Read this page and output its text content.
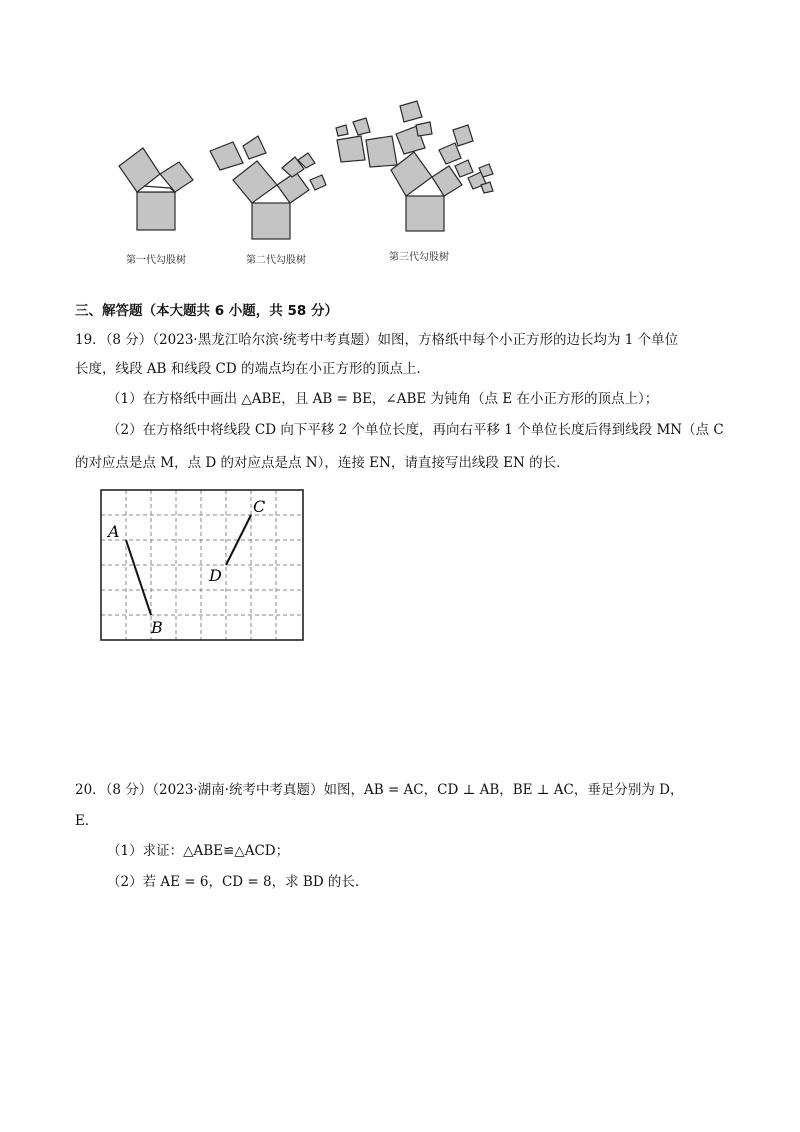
第一代勾股树	第二代勾股树	第三代勾股树
三、解答题（本大题共 6 小题，共 58 分）
19．（8 分）（2023·黑龙江哈尔滨·统考中考真题）如图，方格纸中每个小正方形的边长均为 1 个单位
长度，线段 AB 和线段 CD 的端点均在小正方形的顶点上．
（1）在方格纸中画出 △ABE，且 AB = BE，∠ABE 为钝角（点 E 在小正方形的顶点上）；
（2）在方格纸中将线段 CD 向下平移 2 个单位长度，再向右平移 1 个单位长度后得到线段 MN（点 C
的对应点是点 M，点 D 的对应点是点 N），连接 EN，请直接写出线段 EN 的长．
A
B
C
D
20．（8 分）（2023·湖南·统考中考真题）如图，AB = AC，CD ⊥ AB，BE ⊥ AC，垂足分别为 D，
E．
（1）求证：△ABE≌△ACD；
（2）若 AE = 6，CD = 8，求 BD 的长．
